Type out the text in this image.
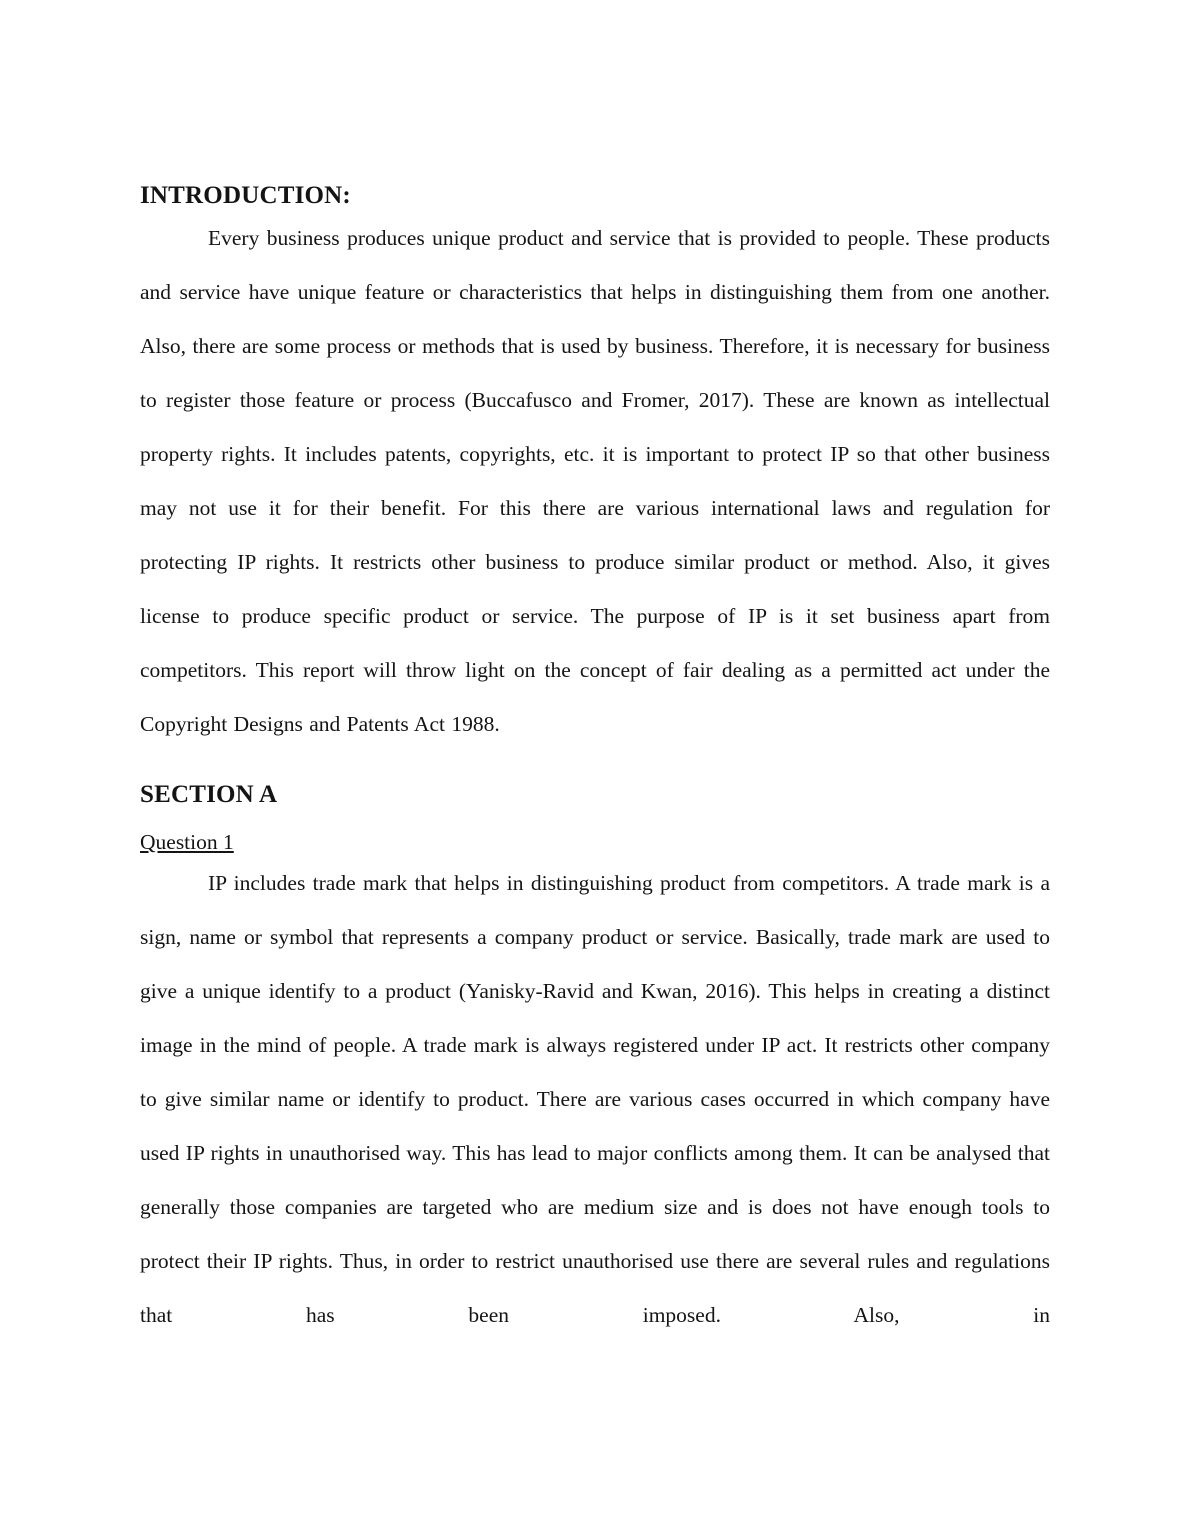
INTRODUCTION:

Every business produces unique product and service that is provided to people. These products and service have unique feature or characteristics that helps in distinguishing them from one another. Also, there are some process or methods that is used by business. Therefore, it is necessary for business to register those feature or process (Buccafusco and Fromer, 2017). These are known as intellectual property rights. It includes patents, copyrights, etc. it is important to protect IP so that other business may not use it for their benefit. For this there are various international laws and regulation for protecting IP rights. It restricts other business to produce similar product or method. Also, it gives license to produce specific product or service. The purpose of IP is it set business apart from competitors. This report will throw light on the concept of fair dealing as a permitted act under the Copyright Designs and Patents Act 1988.

SECTION A

Question 1

IP includes trade mark that helps in distinguishing product from competitors. A trade mark is a sign, name or symbol that represents a company product or service. Basically, trade mark are used to give a unique identify to a product (Yanisky-Ravid and Kwan, 2016). This helps in creating a distinct image in the mind of people. A trade mark is always registered under IP act. It restricts other company to give similar name or identify to product. There are various cases occurred in which company have used IP rights in unauthorised way. This has lead to major conflicts among them. It can be analysed that generally those companies are targeted who are medium size and is does not have enough tools to protect their IP rights. Thus, in order to restrict unauthorised use there are several rules and regulations that has been imposed. Also, in
